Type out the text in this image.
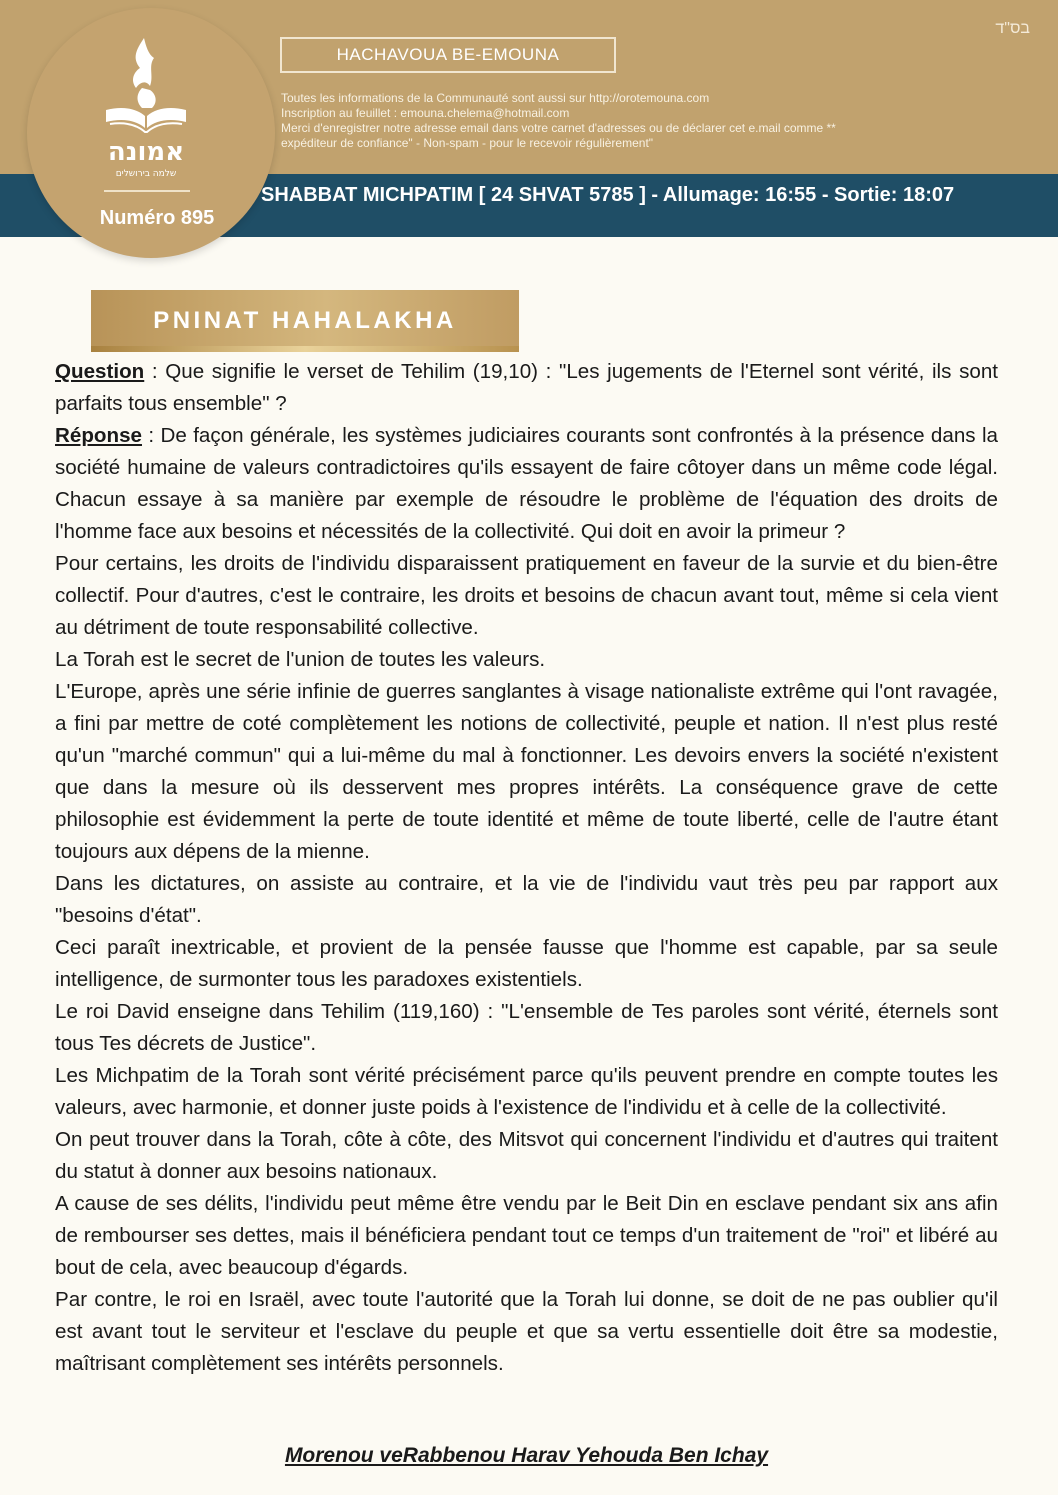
בס"ד
אמונה
שלמה בירושלים
Numéro 895
HACHAVOUA BE-EMOUNA
Toutes les informations de la Communauté sont aussi sur http://orotemouna.com
Inscription au feuillet : emouna.chelema@hotmail.com
Merci d'enregistrer notre adresse email dans votre carnet d'adresses ou de déclarer cet e.mail comme **
expéditeur de confiance" - Non-spam - pour le recevoir régulièrement"
SHABBAT MICHPATIM [ 24 SHVAT 5785 ] - Allumage: 16:55 - Sortie: 18:07
PNINAT HAHALAKHA

Question : Que signifie le verset de Tehilim (19,10) : "Les jugements de l'Eternel sont vérité, ils sont parfaits tous ensemble" ?

Réponse : De façon générale, les systèmes judiciaires courants sont confrontés à la présence dans la société humaine de valeurs contradictoires qu'ils essayent de faire côtoyer dans un même code légal. Chacun essaye à sa manière par exemple de résoudre le problème de l'équation des droits de l'homme face aux besoins et nécessités de la collectivité. Qui doit en avoir la primeur ?

Pour certains, les droits de l'individu disparaissent pratiquement en faveur de la survie et du bien-être collectif. Pour d'autres, c'est le contraire, les droits et besoins de chacun avant tout, même si cela vient au détriment de toute responsabilité collective.

La Torah est le secret de l'union de toutes les valeurs.

L'Europe, après une série infinie de guerres sanglantes à visage nationaliste extrême qui l'ont ravagée, a fini par mettre de coté complètement les notions de collectivité, peuple et nation. Il n'est plus resté qu'un "marché commun" qui a lui-même du mal à fonctionner. Les devoirs envers la société n'existent que dans la mesure où ils desservent mes propres intérêts. La conséquence grave de cette philosophie est évidemment la perte de toute identité et même de toute liberté, celle de l'autre étant toujours aux dépens de la mienne.

Dans les dictatures, on assiste au contraire, et la vie de l'individu vaut très peu par rapport aux "besoins d'état".

Ceci paraît inextricable, et provient de la pensée fausse que l'homme est capable, par sa seule intelligence, de surmonter tous les paradoxes existentiels.

Le roi David enseigne dans Tehilim (119,160) : "L'ensemble de Tes paroles sont vérité, éternels sont tous Tes décrets de Justice".

Les Michpatim de la Torah sont vérité précisément parce qu'ils peuvent prendre en compte toutes les valeurs, avec harmonie, et donner juste poids à l'existence de l'individu et à celle de la collectivité.

On peut trouver dans la Torah, côte à côte, des Mitsvot qui concernent l'individu et d'autres qui traitent du statut à donner aux besoins nationaux.

A cause de ses délits, l'individu peut même être vendu par le Beit Din en esclave pendant six ans afin de rembourser ses dettes, mais il bénéficiera pendant tout ce temps d'un traitement de "roi" et libéré au bout de cela, avec beaucoup d'égards.

Par contre, le roi en Israël, avec toute l'autorité que la Torah lui donne, se doit de ne pas oublier qu'il est avant tout le serviteur et l'esclave du peuple et que sa vertu essentielle doit être sa modestie, maîtrisant complètement ses intérêts personnels.

Morenou veRabbenou Harav Yehouda Ben Ichay
